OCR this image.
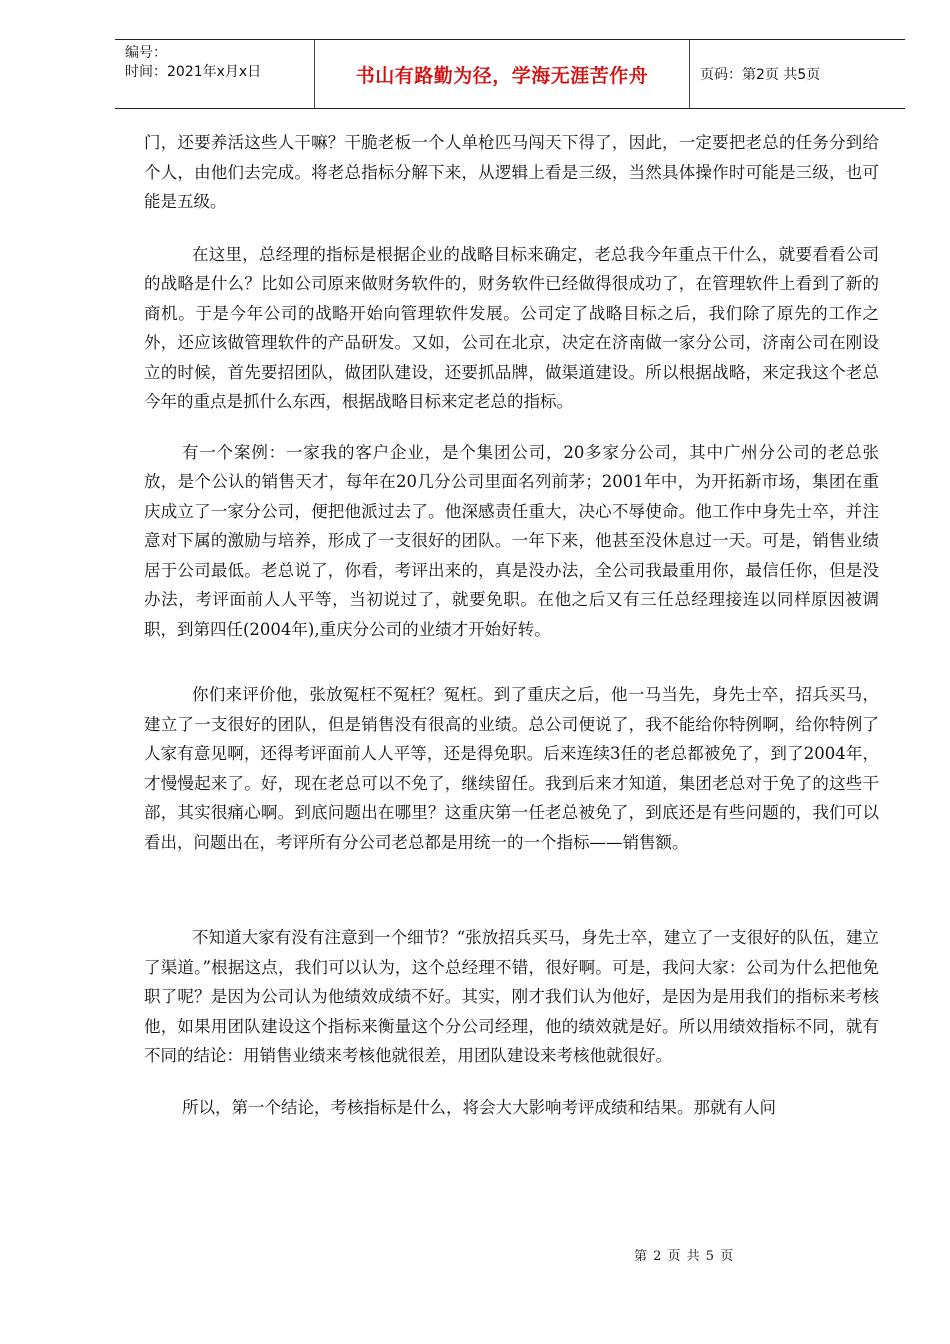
编号：
时间：2021年x月x日	书山有路勤为径，学海无涯苦作舟	页码：第2页 共5页

门，还要养活这些人干嘛？干脆老板一个人单枪匹马闯天下得了，因此，一定要把老总的任务分到给个人，由他们去完成。将老总指标分解下来，从逻辑上看是三级，当然具体操作时可能是三级，也可能是五级。

在这里，总经理的指标是根据企业的战略目标来确定，老总我今年重点干什么，就要看看公司的战略是什么？比如公司原来做财务软件的，财务软件已经做得很成功了，在管理软件上看到了新的商机。于是今年公司的战略开始向管理软件发展。公司定了战略目标之后，我们除了原先的工作之外，还应该做管理软件的产品研发。又如，公司在北京，决定在济南做一家分公司，济南公司在刚设立的时候，首先要招团队，做团队建设，还要抓品牌，做渠道建设。所以根据战略，来定我这个老总今年的重点是抓什么东西，根据战略目标来定老总的指标。

有一个案例：一家我的客户企业，是个集团公司，20多家分公司，其中广州分公司的老总张放，是个公认的销售天才，每年在20几分公司里面名列前茅；2001年中，为开拓新市场，集团在重庆成立了一家分公司，便把他派过去了。他深感责任重大，决心不辱使命。他工作中身先士卒，并注意对下属的激励与培养，形成了一支很好的团队。一年下来，他甚至没休息过一天。可是，销售业绩居于公司最低。老总说了，你看，考评出来的，真是没办法，全公司我最重用你，最信任你，但是没办法，考评面前人人平等，当初说过了，就要免职。在他之后又有三任总经理接连以同样原因被调职，到第四任(2004年),重庆分公司的业绩才开始好转。

你们来评价他，张放冤枉不冤枉？冤枉。到了重庆之后，他一马当先，身先士卒，招兵买马，建立了一支很好的团队，但是销售没有很高的业绩。总公司便说了，我不能给你特例啊，给你特例了人家有意见啊，还得考评面前人人平等，还是得免职。后来连续3任的老总都被免了，到了2004年，才慢慢起来了。好，现在老总可以不免了，继续留任。我到后来才知道，集团老总对于免了的这些干部，其实很痛心啊。到底问题出在哪里？这重庆第一任老总被免了，到底还是有些问题的，我们可以看出，问题出在，考评所有分公司老总都是用统一的一个指标——销售额。

不知道大家有没有注意到一个细节？“张放招兵买马，身先士卒，建立了一支很好的队伍，建立了渠道。”根据这点，我们可以认为，这个总经理不错，很好啊。可是，我问大家：公司为什么把他免职了呢？是因为公司认为他绩效成绩不好。其实，刚才我们认为他好，是因为是用我们的指标来考核他，如果用团队建设这个指标来衡量这个分公司经理，他的绩效就是好。所以用绩效指标不同，就有不同的结论：用销售业绩来考核他就很差，用团队建设来考核他就很好。

所以，第一个结论，考核指标是什么，将会大大影响考评成绩和结果。那就有人问

第 2 页 共 5 页
